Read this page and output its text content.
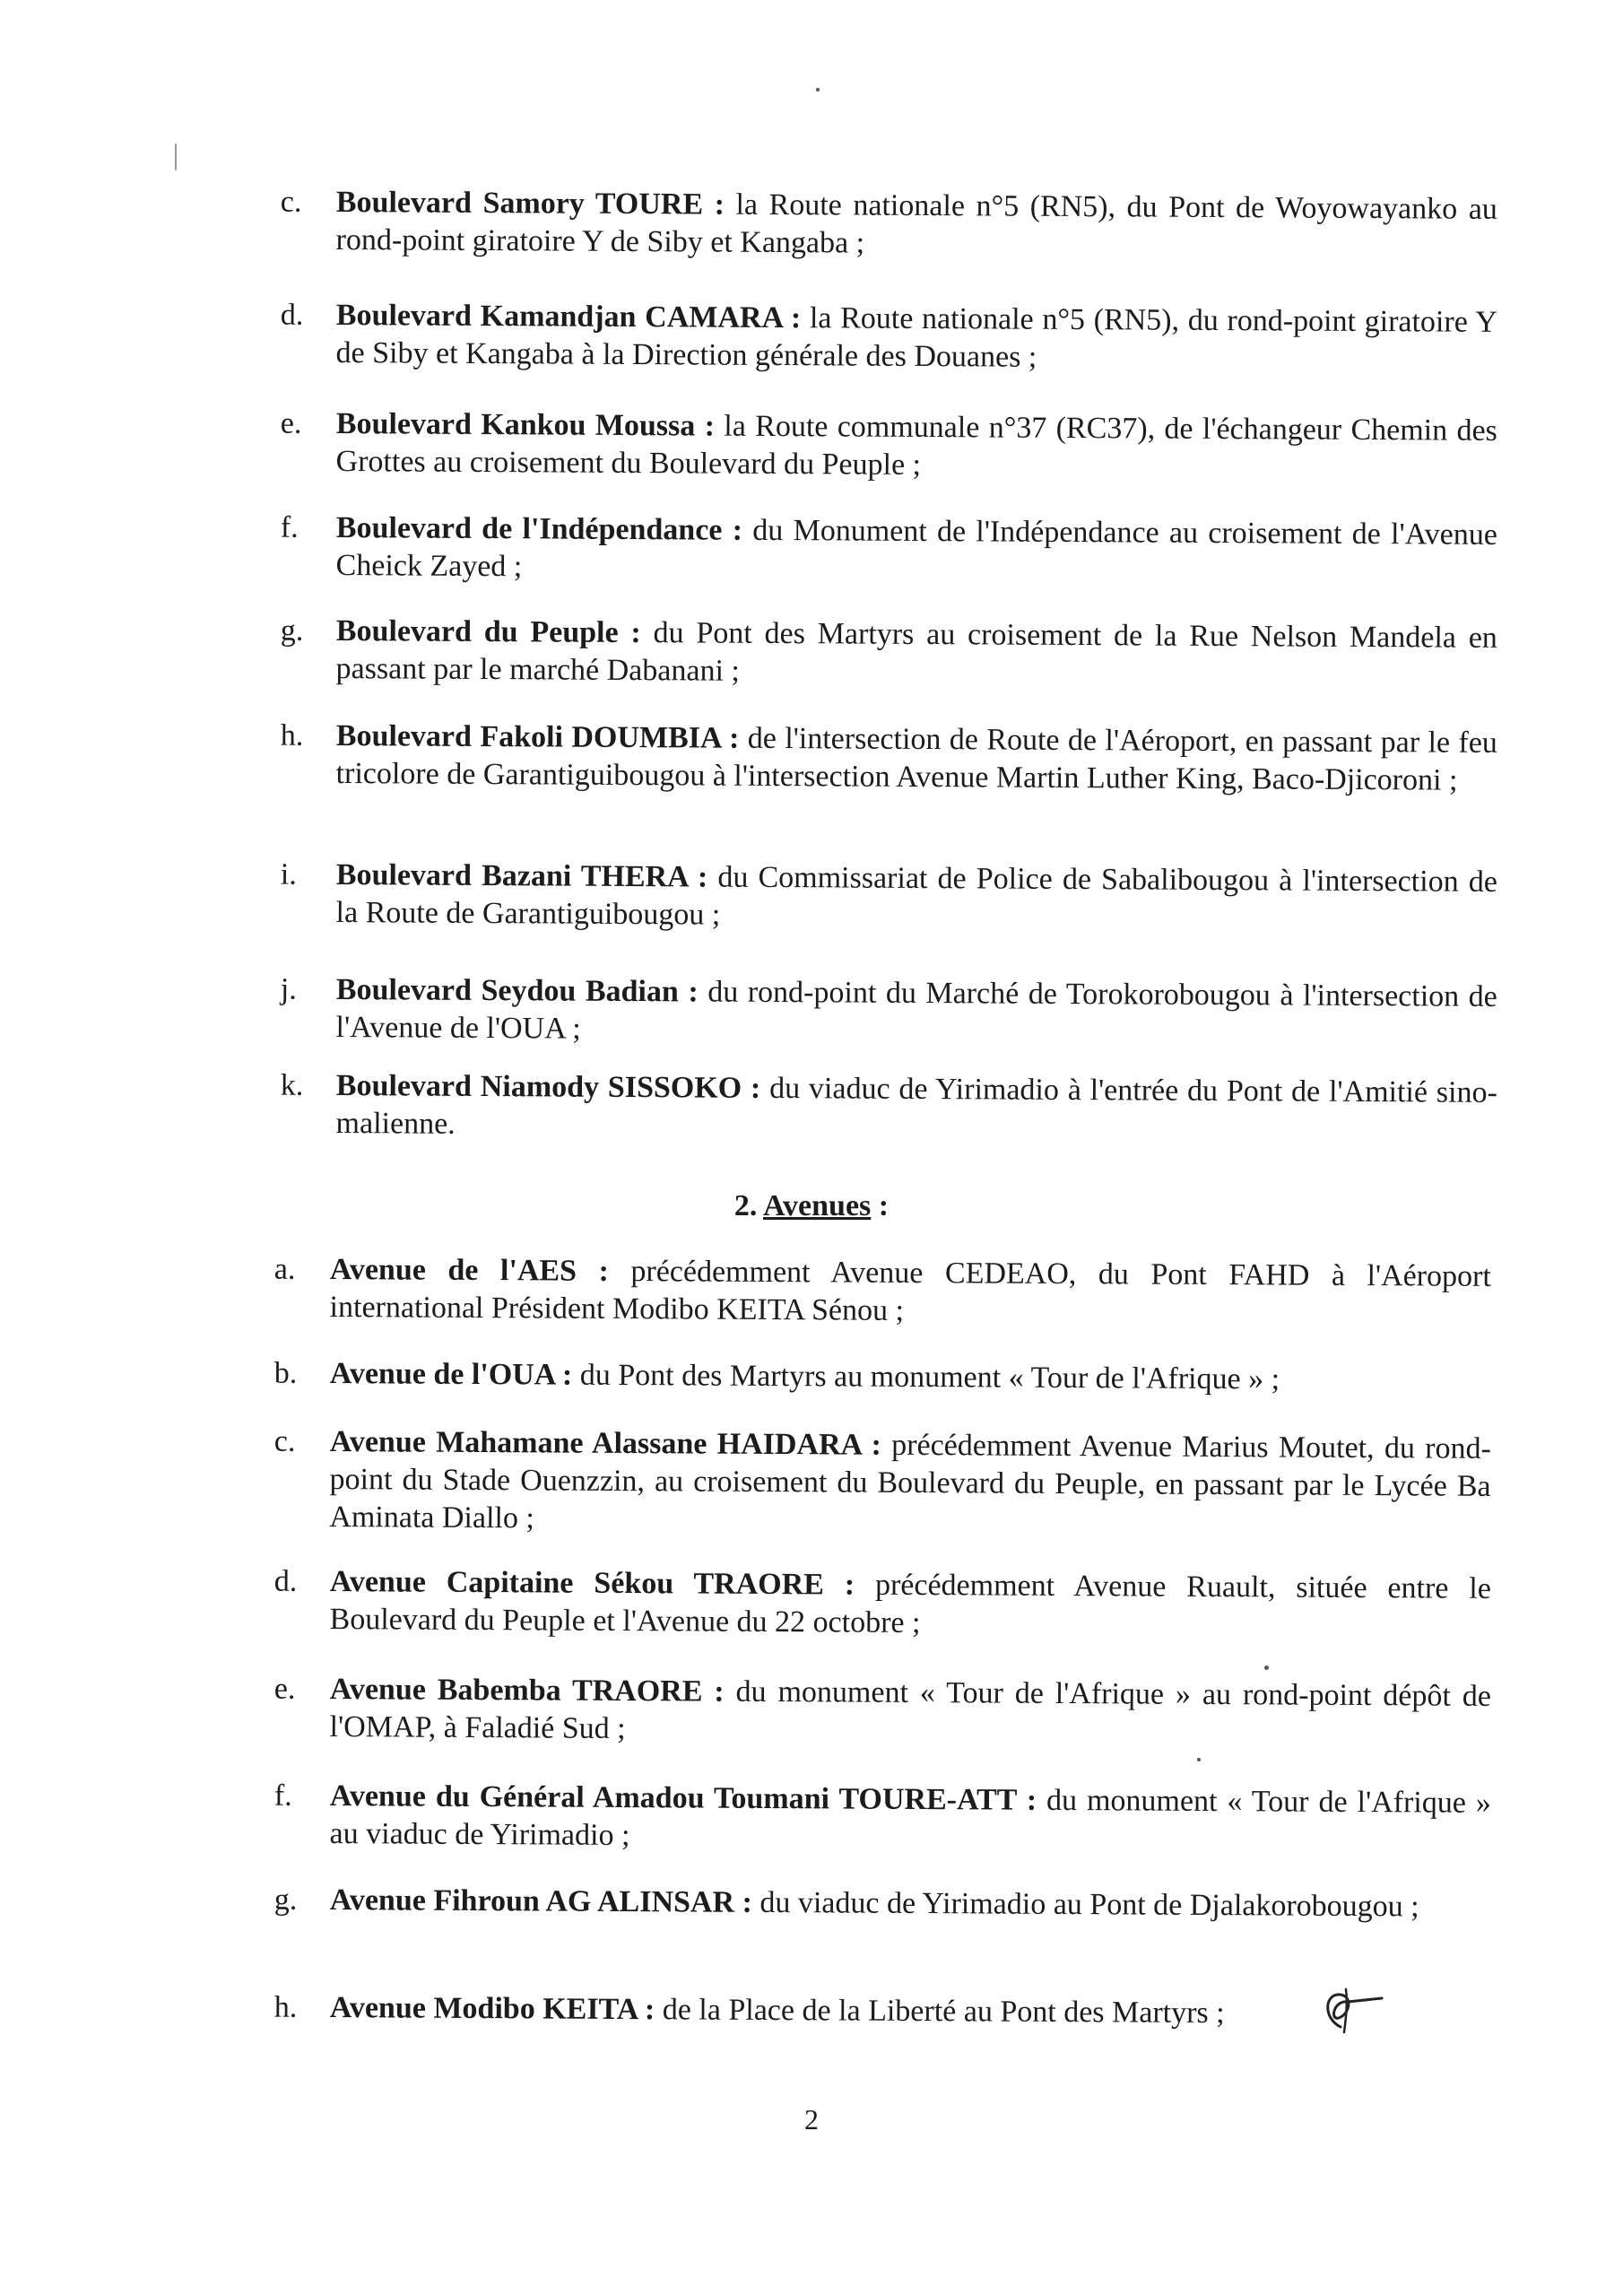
c. Boulevard Samory TOURE : la Route nationale n°5 (RN5), du Pont de Woyowayanko au rond-point giratoire Y de Siby et Kangaba ;
d. Boulevard Kamandjan CAMARA : la Route nationale n°5 (RN5), du rond-point giratoire Y de Siby et Kangaba à la Direction générale des Douanes ;
e. Boulevard Kankou Moussa : la Route communale n°37 (RC37), de l'échangeur Chemin des Grottes au croisement du Boulevard du Peuple ;
f. Boulevard de l'Indépendance : du Monument de l'Indépendance au croisement de l'Avenue Cheick Zayed ;
g. Boulevard du Peuple : du Pont des Martyrs au croisement de la Rue Nelson Mandela en passant par le marché Dabanani ;
h. Boulevard Fakoli DOUMBIA : de l'intersection de Route de l'Aéroport, en passant par le feu tricolore de Garantiguibougou à l'intersection Avenue Martin Luther King, Baco-Djicoroni ;
i. Boulevard Bazani THERA : du Commissariat de Police de Sabalibougou à l'intersection de la Route de Garantiguibougou ;
j. Boulevard Seydou Badian : du rond-point du Marché de Torokorobougou à l'intersection de l'Avenue de l'OUA ;
k. Boulevard Niamody SISSOKO : du viaduc de Yirimadio à l'entrée du Pont de l'Amitié sino-malienne.
2. Avenues :
a. Avenue de l'AES : précédemment Avenue CEDEAO, du Pont FAHD à l'Aéroport international Président Modibo KEITA Sénou ;
b. Avenue de l'OUA : du Pont des Martyrs au monument « Tour de l'Afrique » ;
c. Avenue Mahamane Alassane HAIDARA : précédemment Avenue Marius Moutet, du rond-point du Stade Ouenzzin, au croisement du Boulevard du Peuple, en passant par le Lycée Ba Aminata Diallo ;
d. Avenue Capitaine Sékou TRAORE : précédemment Avenue Ruault, située entre le Boulevard du Peuple et l'Avenue du 22 octobre ;
e. Avenue Babemba TRAORE : du monument « Tour de l'Afrique » au rond-point dépôt de l'OMAP, à Faladié Sud ;
f. Avenue du Général Amadou Toumani TOURE-ATT : du monument « Tour de l'Afrique » au viaduc de Yirimadio ;
g. Avenue Fihroun AG ALINSAR : du viaduc de Yirimadio au Pont de Djalakorobougou ;
h. Avenue Modibo KEITA : de la Place de la Liberté au Pont des Martyrs ;
2
